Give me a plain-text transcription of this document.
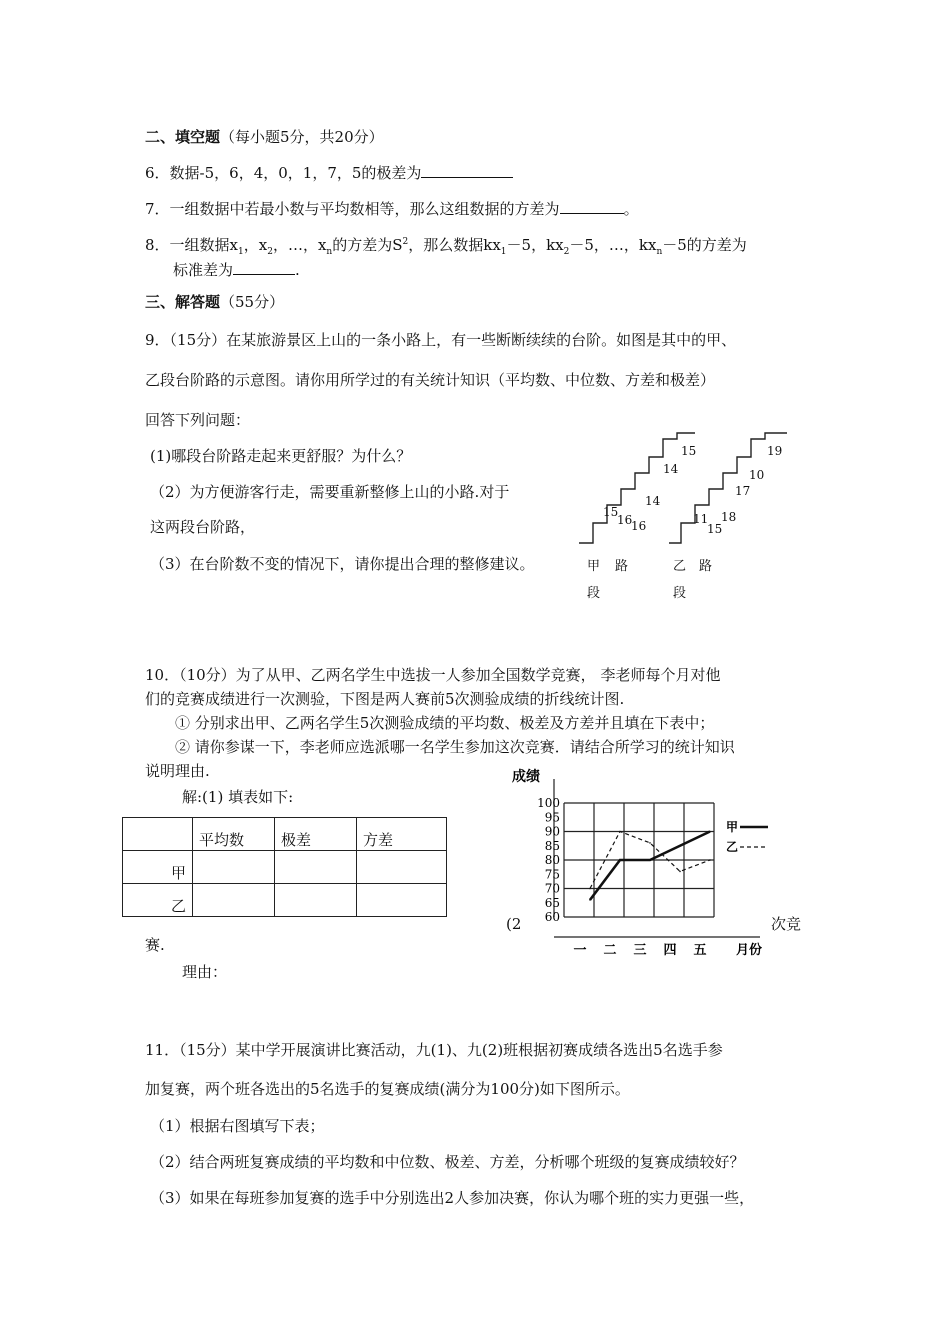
二、填空题（每小题5分，共20分）
6．数据-5，6，4，0，1，7，5的极差为
7．一组数据中若最小数与平均数相等，那么这组数据的方差为	。
8．一组数据$x_1$，$x_2$，…，$x_n$的方差为$S^2$，那么数据$kx_1-5$，$kx_2-5$，…，$kx_n-5$的方差为
标准差为	.
三、解答题（55分）
9．（15分）在某旅游景区上山的一条小路上，有一些断断续续的台阶。如图是其中的甲、
乙段台阶路的示意图。请你用所学过的有关统计知识（平均数、中位数、方差和极差）
回答下列问题：
(1)哪段台阶路走起来更舒服？为什么？
（2）为方便游客行走，需要重新整修上山的小路.对于
这两段台阶路，
（3）在台阶数不变的情况下，请你提出合理的整修建议。
15
16
16
14
14
15
11
15
18
17
10
19
甲 路
段
乙 路
段
10．（10分）为了从甲、乙两名学生中选拔一人参加全国数学竞赛， 李老师每个月对他
们的竞赛成绩进行一次测验，下图是两人赛前5次测验成绩的折线统计图.
① 分别求出甲、乙两名学生5次测验成绩的平均数、极差及方差并且填在下表中；
② 请你参谋一下，李老师应选派哪一名学生参加这次竞赛．请结合所学习的统计知识
说明理由.
解:(1) 填表如下:
	平均数	极差	方差
甲			
乙			
(2	次竞
赛.
理由：
成绩
100
95
90
85
80
75
70
65
60
一 二 三 四 五 月份
甲
乙
11．（15分）某中学开展演讲比赛活动，九(1)、九(2)班根据初赛成绩各选出5名选手参
加复赛，两个班各选出的5名选手的复赛成绩(满分为100分)如下图所示。
（1）根据右图填写下表；
（2）结合两班复赛成绩的平均数和中位数、极差、方差，分析哪个班级的复赛成绩较好？
（3）如果在每班参加复赛的选手中分别选出2人参加决赛，你认为哪个班的实力更强一些，
